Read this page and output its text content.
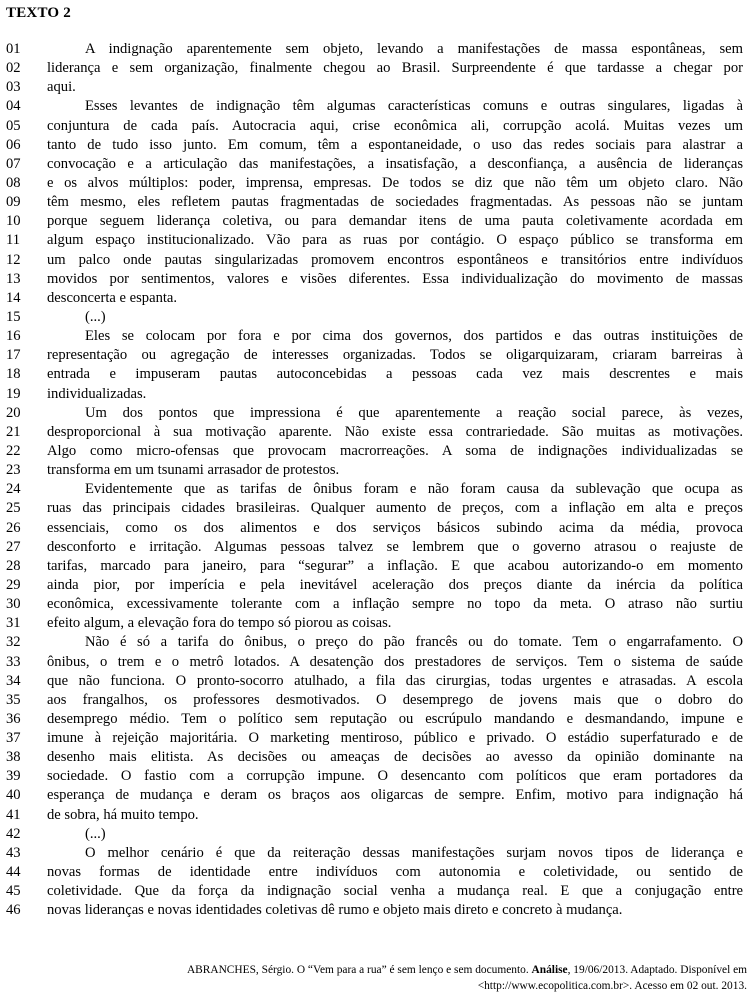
TEXTO 2
01	A indignação aparentemente sem objeto, levando a manifestações de massa espontâneas, sem
02	liderança e sem organização, finalmente chegou ao Brasil. Surpreendente é que tardasse a chegar por
03	aqui.
04	Esses levantes de indignação têm algumas características comuns e outras singulares, ligadas à
05	conjuntura de cada país. Autocracia aqui, crise econômica ali, corrupção acolá. Muitas vezes um
06	tanto de tudo isso junto. Em comum, têm a espontaneidade, o uso das redes sociais para alastrar a
07	convocação e a articulação das manifestações, a insatisfação, a desconfiança, a ausência de lideranças
08	e os alvos múltiplos: poder, imprensa, empresas. De todos se diz que não têm um objeto claro. Não
09	têm mesmo, eles refletem pautas fragmentadas de sociedades fragmentadas. As pessoas não se juntam
10	porque seguem liderança coletiva, ou para demandar itens de uma pauta coletivamente acordada em
11	algum espaço institucionalizado. Vão para as ruas por contágio. O espaço público se transforma em
12	um palco onde pautas singularizadas promovem encontros espontâneos e transitórios entre indivíduos
13	movidos por sentimentos, valores e visões diferentes. Essa individualização do movimento de massas
14	desconcerta e espanta.
15	(...)
16	Eles se colocam por fora e por cima dos governos, dos partidos e das outras instituições de
17	representação ou agregação de interesses organizadas. Todos se oligarquizaram, criaram barreiras à
18	entrada e impuseram pautas autoconcebidas a pessoas cada vez mais descrentes e mais
19	individualizadas.
20	Um dos pontos que impressiona é que aparentemente a reação social parece, às vezes,
21	desproporcional à sua motivação aparente. Não existe essa contrariedade. São muitas as motivações.
22	Algo como micro-ofensas que provocam macrorreações. A soma de indignações individualizadas se
23	transforma em um tsunami arrasador de protestos.
24	Evidentemente que as tarifas de ônibus foram e não foram causa da sublevação que ocupa as
25	ruas das principais cidades brasileiras. Qualquer aumento de preços, com a inflação em alta e preços
26	essenciais, como os dos alimentos e dos serviços básicos subindo acima da média, provoca
27	desconforto e irritação. Algumas pessoas talvez se lembrem que o governo atrasou o reajuste de
28	tarifas, marcado para janeiro, para “segurar” a inflação. E que acabou autorizando-o em momento
29	ainda pior, por imperícia e pela inevitável aceleração dos preços diante da inércia da política
30	econômica, excessivamente tolerante com a inflação sempre no topo da meta. O atraso não surtiu
31	efeito algum, a elevação fora do tempo só piorou as coisas.
32	Não é só a tarifa do ônibus, o preço do pão francês ou do tomate. Tem o engarrafamento. O
33	ônibus, o trem e o metrô lotados. A desatenção dos prestadores de serviços. Tem o sistema de saúde
34	que não funciona. O pronto-socorro atulhado, a fila das cirurgias, todas urgentes e atrasadas. A escola
35	aos frangalhos, os professores desmotivados. O desemprego de jovens mais que o dobro do
36	desemprego médio. Tem o político sem reputação ou escrúpulo mandando e desmandando, impune e
37	imune à rejeição majoritária. O marketing mentiroso, público e privado. O estádio superfaturado e de
38	desenho mais elitista. As decisões ou ameaças de decisões ao avesso da opinião dominante na
39	sociedade. O fastio com a corrupção impune. O desencanto com políticos que eram portadores da
40	esperança de mudança e deram os braços aos oligarcas de sempre. Enfim, motivo para indignação há
41	de sobra, há muito tempo.
42	(...)
43	O melhor cenário é que da reiteração dessas manifestações surjam novos tipos de liderança e
44	novas formas de identidade entre indivíduos com autonomia e coletividade, ou sentido de
45	coletividade. Que da força da indignação social venha a mudança real. E que a conjugação entre
46	novas lideranças e novas identidades coletivas dê rumo e objeto mais direto e concreto à mudança.
ABRANCHES, Sérgio. O “Vem para a rua” é sem lenço e sem documento. Análise, 19/06/2013. Adaptado. Disponível em
<http://www.ecopolitica.com.br>. Acesso em 02 out. 2013.
